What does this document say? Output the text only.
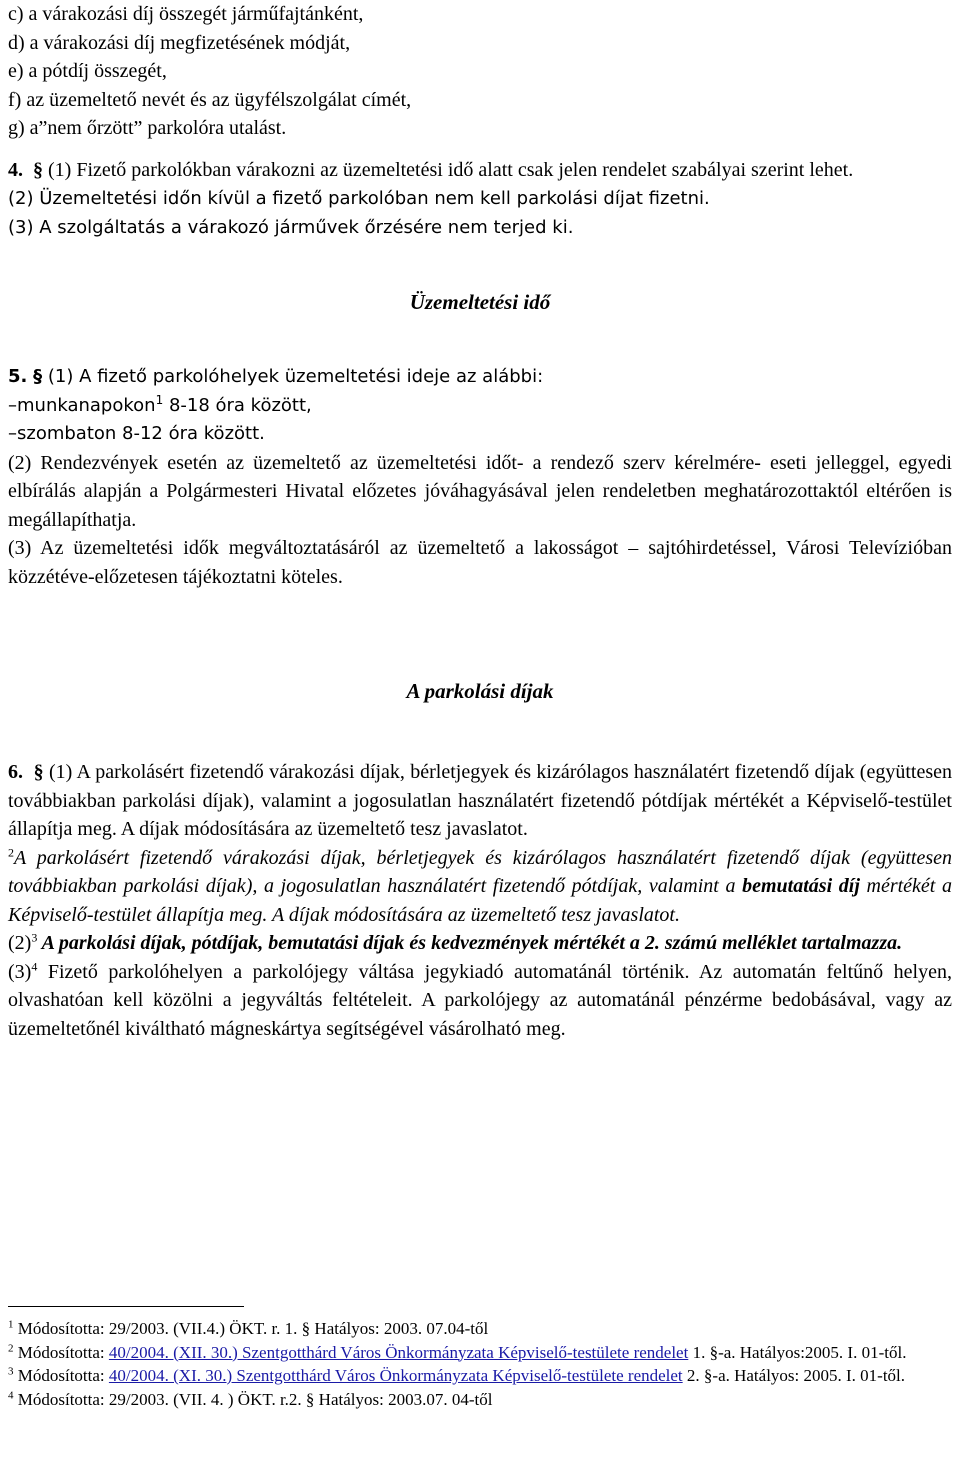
c) a várakozási díj összegét járműfajtánként,

d) a várakozási díj megfizetésének módját,

e) a pótdíj összegét,

f) az üzemeltető nevét és az ügyfélszolgálat címét,

g) a”nem őrzött” parkolóra utalást.

4. § (1) Fizető parkolókban várakozni az üzemeltetési idő alatt csak jelen rendelet szabályai szerint lehet.

(2) Üzemeltetési időn kívül a fizető parkolóban nem kell parkolási díjat fizetni.

(3) A szolgáltatás a várakozó járművek őrzésére nem terjed ki.

Üzemeltetési idő

5. § (1) A fizető parkolóhelyek üzemeltetési ideje az alábbi:

–munkanapokon$^1$ 8-18 óra között,

–szombaton 8-12 óra között.

(2) Rendezvények esetén az üzemeltető az üzemeltetési időt- a rendező szerv kérelmére- eseti jelleggel, egyedi elbírálás alapján a Polgármesteri Hivatal előzetes jóváhagyásával jelen rendeletben meghatározottaktól eltérően is megállapíthatja.

(3) Az üzemeltetési idők megváltoztatásáról az üzemeltető a lakosságot – sajtóhirdetéssel, Városi Televízióban közzétéve-előzetesen tájékoztatni köteles.

A parkolási díjak

6. § (1) A parkolásért fizetendő várakozási díjak, bérletjegyek és kizárólagos használatért fizetendő díjak (együttesen továbbiakban parkolási díjak), valamint a jogosulatlan használatért fizetendő pótdíjak mértékét a Képviselő-testület állapítja meg. A díjak módosítására az üzemeltető tesz javaslatot.

$^2$A parkolásért fizetendő várakozási díjak, bérletjegyek és kizárólagos használatért fizetendő díjak (együttesen továbbiakban parkolási díjak), a jogosulatlan használatért fizetendő pótdíjak, valamint a bemutatási díj mértékét a Képviselő-testület állapítja meg. A díjak módosítására az üzemeltető tesz javaslatot.

$(2)^3$ A parkolási díjak, pótdíjak, bemutatási díjak és kedvezmények mértékét a 2. számú melléklet tartalmazza.

$(3)^4$ Fizető parkolóhelyen a parkolójegy váltása jegykiadó automatánál történik. Az automatán feltűnő helyen, olvashatóan kell közölni a jegyváltás feltételeit. A parkolójegy az automatánál pénzérme bedobásával, vagy az üzemeltetőnél kiváltható mágneskártya segítségével vásárolható meg.

$^1$ Módosította: 29/2003. (VII.4.) ÖKT. r. 1. § Hatályos: 2003. 07.04-től

$^2$ Módosította: 40/2004. (XII. 30.) Szentgotthárd Város Önkormányzata Képviselő-testülete rendelet 1. §-a. Hatályos:2005. I. 01-től.

$^3$ Módosította: 40/2004. (XI. 30.) Szentgotthárd Város Önkormányzata Képviselő-testülete rendelet 2. §-a. Hatályos: 2005. I. 01-től.

$^4$ Módosította: 29/2003. (VII. 4. ) ÖKT. r.2. § Hatályos: 2003.07. 04-től
